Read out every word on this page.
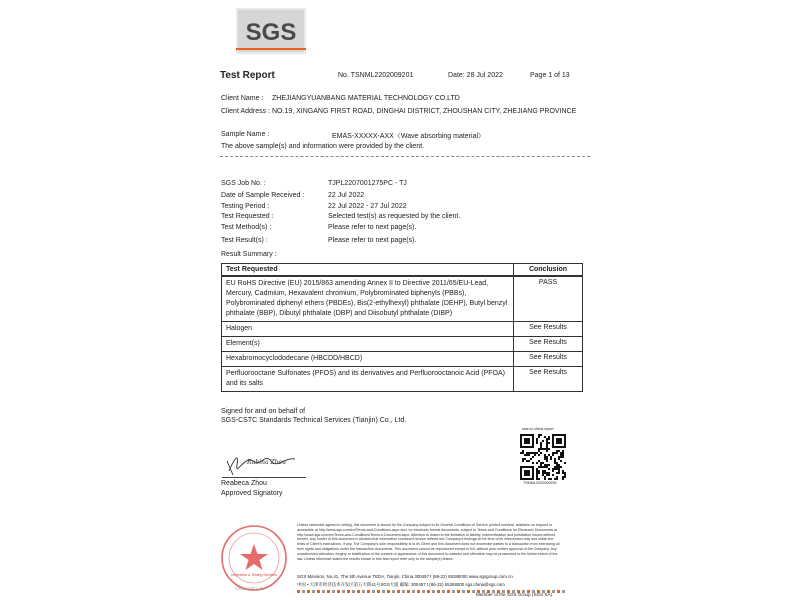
SGS
Test Report	No. TSNML2202009201	Date: 28 Jul 2022	Page 1 of 13
Client Name : ZHEJIANGYUANBANG MATERIAL TECHNOLOGY CO.LTD
Client Address : NO.19, XINGANG FIRST ROAD, DINGHAI DISTRICT, ZHOUSHAN CITY, ZHEJIANG PROVINCE
Sample Name :	EMAS-XXXXX-AXX（Wave absorbing material）
The above sample(s) and information were provided by the client.
SGS Job No. :	TJPL2207001275PC - TJ
Date of Sample Received :	22 Jul 2022
Testing Period :	22 Jul 2022 - 27 Jul 2022
Test Requested :	Selected test(s) as requested by the client.
Test Method(s) :	Please refer to next page(s).
Test Result(s) :	Please refer to next page(s).
Result Summary :
Test Requested	Conclusion
EU RoHS Directive (EU) 2015/863 amending Annex II to Directive 2011/65/EU-Lead, Mercury, Cadmium, Hexavalent chromium, Polybrominated biphenyls (PBBs), Polybrominated diphenyl ethers (PBDEs), Bis(2-ethylhexyl) phthalate (DEHP), Butyl benzyl phthalate (BBP), Dibutyl phthalate (DBP) and Diisobutyl phthalate (DIBP)	PASS
Halogen	See Results
Element(s)	See Results
Hexabromocyclododecane (HBCDD/HBCD)	See Results
Perfluorooctane Sulfonates (PFOS) and its derivatives and Perfluorooctanoic Acid (PFOA) and its salts	See Results
Signed for and on behalf of
SGS-CSTC Standards Technical Services (Tianjin) Co., Ltd.
Rubina Zhou
Reabeca Zhou
Approved Signatory
scan to check report
TSNML2202009201
Inspection & Testing Services
Chemical Lab.
Unless otherwise agreed in writing, this document is issued by the Company subject to its General Conditions of Service printed overleaf, available on request or accessible at http://www.sgs.com/en/Terms-and-Conditions.aspx and, for electronic format documents, subject to Terms and Conditions for Electronic Documents at http://www.sgs.com/en/Terms-and-Conditions/Terms-e-Document.aspx. Attention is drawn to the limitation of liability, indemnification and jurisdiction issues defined therein. Any holder of this document is advised that information contained hereon reflects the Company's findings at the time of its intervention only and within the limits of Client's instructions, if any. The Company's sole responsibility is to its Client and this document does not exonerate parties to a transaction from exercising all their rights and obligations under the transaction documents. This document cannot be reproduced except in full, without prior written approval of the Company. Any unauthorized alteration, forgery or falsification of the content or appearance of this document is unlawful and offenders may be prosecuted to the fullest extent of the law. Unless otherwise stated the results shown in this test report refer only to the sample(s) tested.
SGS Mansion, No.41, The 5th Avenue TEDA, Tianjin, China 300457 t (86-22) 65288000 www.sgsgroup.com.cn
中国 • 天津市经济技术开发区第五大街41号SGS大厦 邮编: 300457 t (86-22) 65288000 sgs.china@sgs.com
Member of the SGS Group (SGS SA)
